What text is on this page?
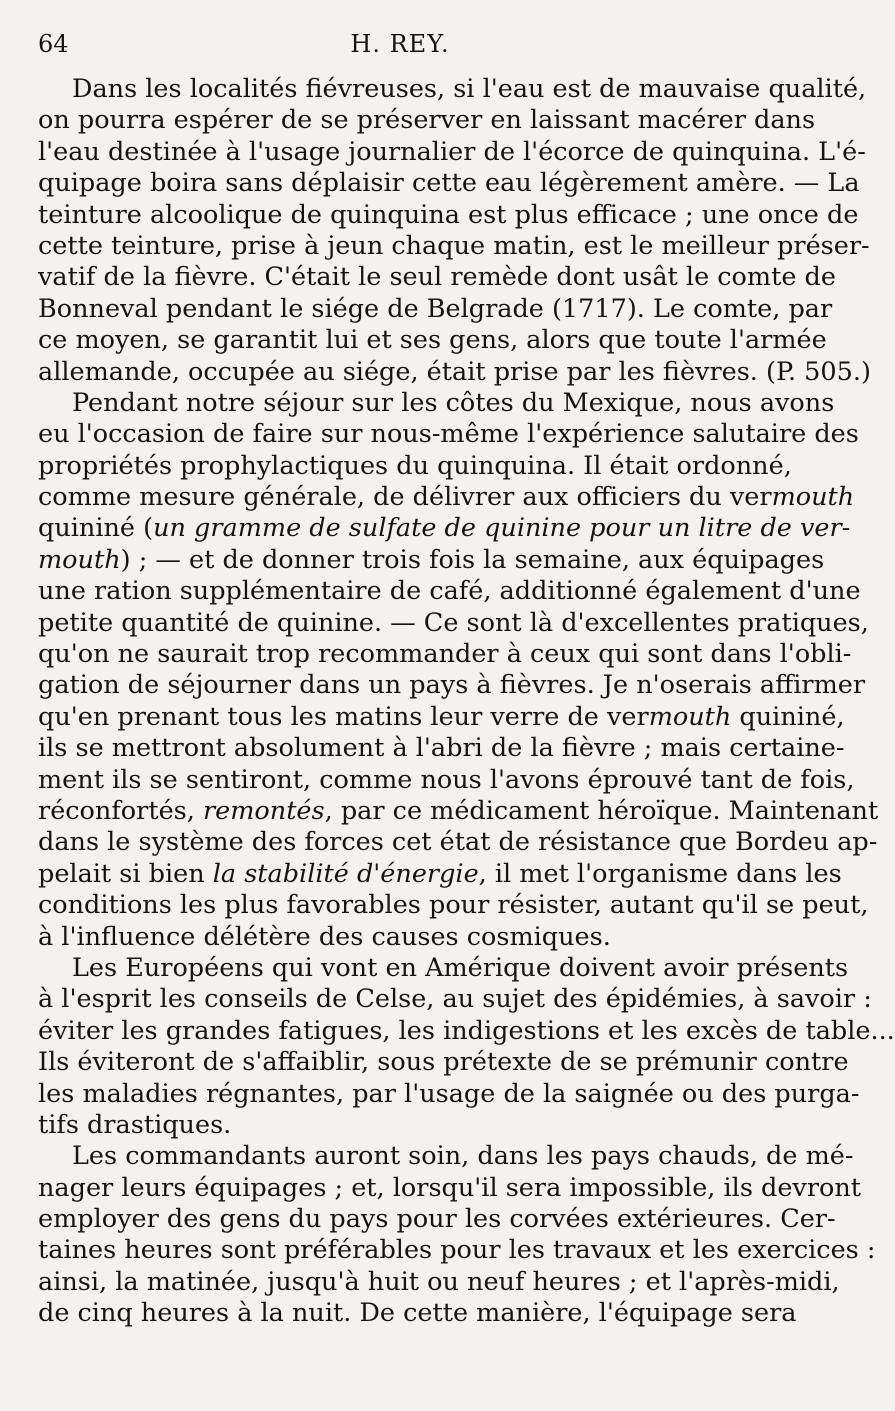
64	H. REY.

Dans les localités fiévreuses, si l'eau est de mauvaise qualité,

on pourra espérer de se préserver en laissant macérer dans

l'eau destinée à l'usage journalier de l'écorce de quinquina. L'é-

quipage boira sans déplaisir cette eau légèrement amère. — La

teinture alcoolique de quinquina est plus efficace ; une once de

cette teinture, prise à jeun chaque matin, est le meilleur préser-

vatif de la fièvre. C'était le seul remède dont usât le comte de

Bonneval pendant le siége de Belgrade (1717). Le comte, par

ce moyen, se garantit lui et ses gens, alors que toute l'armée

allemande, occupée au siége, était prise par les fièvres. (P. 505.)

Pendant notre séjour sur les côtes du Mexique, nous avons

eu l'occasion de faire sur nous-même l'expérience salutaire des

propriétés prophylactiques du quinquina. Il était ordonné,

comme mesure générale, de délivrer aux officiers du vermouth

quininé (un gramme de sulfate de quinine pour un litre de ver-

mouth) ; — et de donner trois fois la semaine, aux équipages

une ration supplémentaire de café, additionné également d'une

petite quantité de quinine. — Ce sont là d'excellentes pratiques,

qu'on ne saurait trop recommander à ceux qui sont dans l'obli-

gation de séjourner dans un pays à fièvres. Je n'oserais affirmer

qu'en prenant tous les matins leur verre de vermouth quininé,

ils se mettront absolument à l'abri de la fièvre ; mais certaine-

ment ils se sentiront, comme nous l'avons éprouvé tant de fois,

réconfortés, remontés, par ce médicament héroïque. Maintenant

dans le système des forces cet état de résistance que Bordeu ap-

pelait si bien la stabilité d'énergie, il met l'organisme dans les

conditions les plus favorables pour résister, autant qu'il se peut,

à l'influence délétère des causes cosmiques.

Les Européens qui vont en Amérique doivent avoir présents

à l'esprit les conseils de Celse, au sujet des épidémies, à savoir :

éviter les grandes fatigues, les indigestions et les excès de table...

Ils éviteront de s'affaiblir, sous prétexte de se prémunir contre

les maladies régnantes, par l'usage de la saignée ou des purga-

tifs drastiques.

Les commandants auront soin, dans les pays chauds, de mé-

nager leurs équipages ; et, lorsqu'il sera impossible, ils devront

employer des gens du pays pour les corvées extérieures. Cer-

taines heures sont préférables pour les travaux et les exercices :

ainsi, la matinée, jusqu'à huit ou neuf heures ; et l'après-midi,

de cinq heures à la nuit. De cette manière, l'équipage sera
